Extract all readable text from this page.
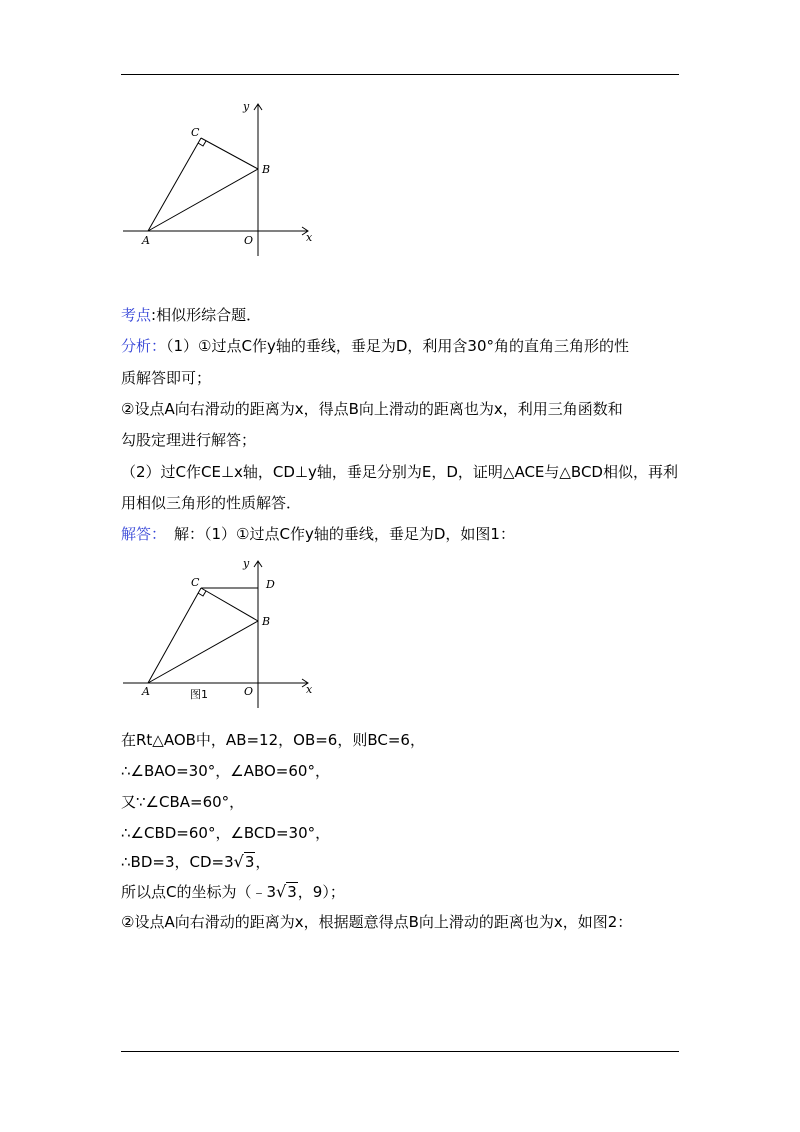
y
x
C
B
A	O
考点:相似形综合题．
分析：（1）①过点C作y轴的垂线，垂足为D，利用含30°角的直角三角形的性
质解答即可；
②设点A向右滑动的距离为x，得点B向上滑动的距离也为x，利用三角函数和
勾股定理进行解答；
（2）过C作CE⊥x轴，CD⊥y轴，垂足分别为E，D，证明△ACE与△BCD相似，再利
用相似三角形的性质解答．
解答： 解：（1）①过点C作y轴的垂线，垂足为D，如图1：
y
x
C	D
B
A	O
图1
在Rt△AOB中，AB=12，OB=6，则BC=6，
∴∠BAO=30°，∠ABO=60°，
又∵∠CBA=60°，
∴∠CBD=60°，∠BCD=30°，
∴BD=3，CD=3√3，
所以点C的坐标为（﹣3√3，9）；
②设点A向右滑动的距离为x，根据题意得点B向上滑动的距离也为x，如图2：
